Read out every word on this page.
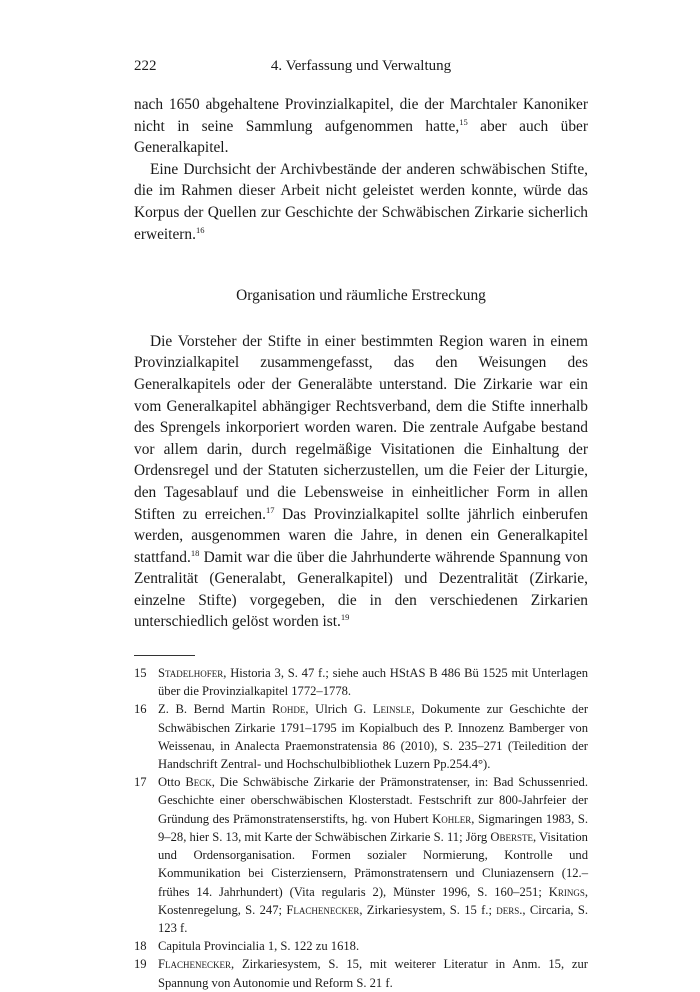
222	4. Verfassung und Verwaltung

nach 1650 abgehaltene Provinzialkapitel, die der Marchtaler Kanoniker nicht in seine Sammlung aufgenommen hatte,$^{15}$ aber auch über Generalkapitel.

Eine Durchsicht der Archivbestände der anderen schwäbischen Stifte, die im Rahmen dieser Arbeit nicht geleistet werden konnte, würde das Korpus der Quellen zur Geschichte der Schwäbischen Zirkarie sicherlich erweitern.$^{16}$

Organisation und räumliche Erstreckung

Die Vorsteher der Stifte in einer bestimmten Region waren in einem Provinzialkapitel zusammengefasst, das den Weisungen des Generalkapitels oder der Generaläbte unterstand. Die Zirkarie war ein vom Generalkapitel abhängiger Rechtsverband, dem die Stifte innerhalb des Sprengels inkorporiert worden waren. Die zentrale Aufgabe bestand vor allem darin, durch regelmäßige Visitationen die Einhaltung der Ordensregel und der Statuten sicherzustellen, um die Feier der Liturgie, den Tagesablauf und die Lebensweise in einheitlicher Form in allen Stiften zu erreichen.$^{17}$ Das Provinzialkapitel sollte jährlich einberufen werden, ausgenommen waren die Jahre, in denen ein Generalkapitel stattfand.$^{18}$ Damit war die über die Jahrhunderte währende Spannung von Zentralität (Generalabt, Generalkapitel) und Dezentralität (Zirkarie, einzelne Stifte) vorgegeben, die in den verschiedenen Zirkarien unterschiedlich gelöst worden ist.$^{19}$

15 Stadelhofer, Historia 3, S. 47 f.; siehe auch HStAS B 486 Bü 1525 mit Unterlagen über die Provinzialkapitel 1772–1778.
16 Z. B. Bernd Martin Rohde, Ulrich G. Leinsle, Dokumente zur Geschichte der Schwäbischen Zirkarie 1791–1795 im Kopialbuch des P. Innozenz Bamberger von Weissenau, in Analecta Praemonstratensia 86 (2010), S. 235–271 (Teiledition der Handschrift Zentral- und Hochschulbibliothek Luzern Pp.254.4°).
17 Otto Beck, Die Schwäbische Zirkarie der Prämonstratenser, in: Bad Schussenried. Geschichte einer oberschwäbischen Klosterstadt. Festschrift zur 800-Jahrfeier der Gründung des Prämonstratenserstifts, hg. von Hubert Kohler, Sigmaringen 1983, S. 9–28, hier S. 13, mit Karte der Schwäbischen Zirkarie S. 11; Jörg Oberste, Visitation und Ordensorganisation. Formen sozialer Normierung, Kontrolle und Kommunikation bei Cisterziensern, Prämonstratensern und Cluniazensern (12.– frühes 14. Jahrhundert) (Vita regularis 2), Münster 1996, S. 160–251; Krings, Kostenregelung, S. 247; Flachenecker, Zirkariesystem, S. 15 f.; ders., Circaria, S. 123 f.
18 Capitula Provincialia 1, S. 122 zu 1618.
19 Flachenecker, Zirkariesystem, S. 15, mit weiterer Literatur in Anm. 15, zur Spannung von Autonomie und Reform S. 21 f.
